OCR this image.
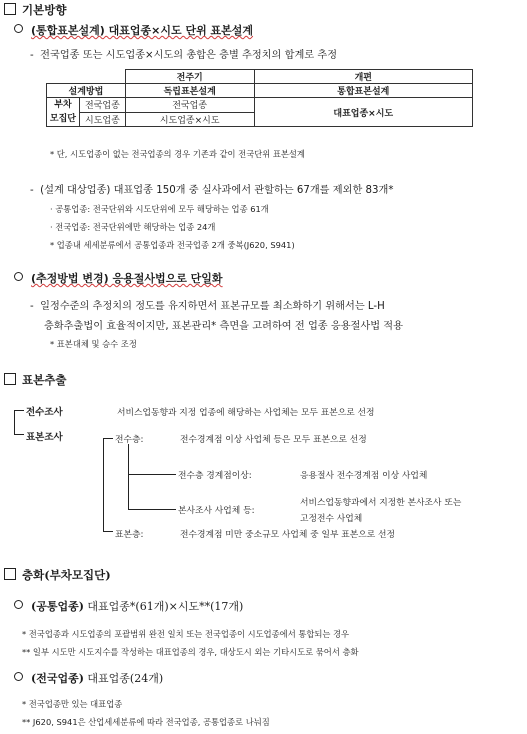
기본방향
(통합표본설계) 대표업종×시도 단위 표본설계
-  전국업종 또는 시도업종×시도의 총합은 층별 추정치의 합계로 추정
		전주기	개편
설계방법		독립표본설계	통합표본설계
부차
모집단	전국업종	전국업종	대표업종×시도
	시도업종	시도업종×시도	
* 단, 시도업종이 없는 전국업종의 경우 기존과 같이 전국단위 표본설계
-  (설계 대상업종) 대표업종 150개 중 실사과에서 관할하는 67개를 제외한 83개*
· 공통업종: 전국단위와 시도단위에 모두 해당하는 업종 61개
· 전국업종: 전국단위에만 해당하는 업종 24개
* 업종내 세세분류에서 공통업종과 전국업종 2개 중복(J620, S941)
(추정방법 변경) 응용절사법으로 단일화
-  일정수준의 추정치의 정도를 유지하면서 표본규모를 최소화하기 위해서는 L-H
층화추출법이 효율적이지만, 표본관리* 측면을 고려하여 전 업종 응용절사법 적용
* 표본대체 및 승수 조정
표본추출
전수조사	서비스업동향과 지정 업종에 해당하는 사업체는 모두 표본으로 선정
표본조사	전수층:	전수경계점 이상 사업체 등은 모두 표본으로 선정
전수층 경계점이상:	응용절사 전수경계점 이상 사업체
본사조사 사업체 등:
서비스업동향과에서 지정한 본사조사 또는
고정전수 사업체
표본층:	전수경계점 미만 중소규모 사업체 중 일부 표본으로 선정
층화(부차모집단)
(공통업종) 대표업종*(61개)×시도**(17개)
* 전국업종과 시도업종의 포괄범위 완전 일치 또는 전국업종이 시도업종에서 통합되는 경우
** 일부 시도만 시도지수를 작성하는 대표업종의 경우, 대상도시 외는 기타시도로 묶어서 층화
(전국업종) 대표업종(24개)
* 전국업종만 있는 대표업종
** J620, S941은 산업세세분류에 따라 전국업종, 공통업종로 나눠짐
